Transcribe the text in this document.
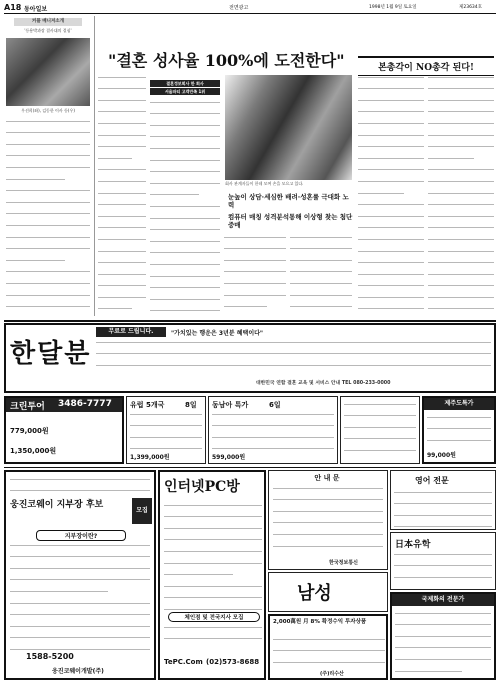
A18 동아일보	전면광고	1998년 1월 9일 토요일	제23634호
커플 매니저소개
'등용박과장 결사대의 결심'
우선희(좌), 김동한 이사 등(우)

"결혼 성사율 100%에 도전한다"
결혼정보회사 한 회사
서울파티 고객만족 1위

회사 관계자들이 한데 모여 손을 모으고 있다.
눈높이 상담·세심한 배려·성혼률 극대화 노력
컴퓨터 매칭 성격분석통해 이상형 찾는 첨단중매

본총각이 NO총각 된다!

한달분
무료로 드립니다.	"가치있는 행운은 3년분 혜택이다"

대한민국 연합 결혼 교육 및 서비스 안내 TEL 080-233-0000
크린투어 3486-7777
779,000원
1,350,000원
유럽 5개국	8일

1,399,000원
동남아 특가	6일

599,000원

제주도특가

99,000원

웅진코웨이 지부장 후보
모집
지부장이란?

1588-5200
웅진코웨이개발(주)
인터넷PC방

체인점 및 전국지사 모집

TePC.Com (02)573-8688
안 내 문

한국정보통신
남성
2,000萬원 月 8% 확정수익 투자상품

(주)리수산
영어 전문

日本유학

국제화의 전문가
